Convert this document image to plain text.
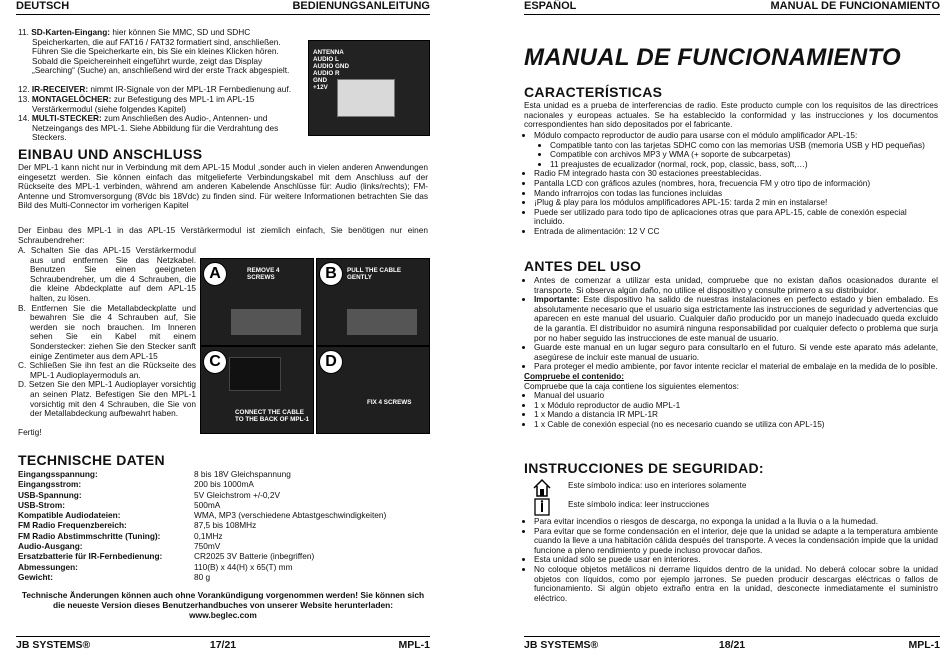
DEUTSCH	BEDIENUNGSANLEITUNG
11. SD-Karten-Eingang: hier können Sie MMC, SD und SDHC Speicherkarten, die auf FAT16 / FAT32 formatiert sind, anschließen. Führen Sie die Speicherkarte ein, bis Sie ein kleines Klicken hören. Sobald die Speichereinheit eingeführt wurde, zeigt das Display „Searching“ (Suche) an, anschließend wird der erste Track abgespielt.
12. IR-RECEIVER: nimmt IR-Signale von der MPL-1R Fernbedienung auf.
13. MONTAGELÖCHER: zur Befestigung des MPL-1 im APL-15 Verstärkermodul (siehe folgendes Kapitel)
14. MULTI-STECKER: zum Anschließen des Audio-, Antennen- und Netzeingangs des MPL-1. Siehe Abbildung für die Verdrahtung des Steckers.
ANTENNA
AUDIO L
AUDIO GND
AUDIO R
GND
+12V
EINBAU UND ANSCHLUSS
Der MPL-1 kann nicht nur in Verbindung mit dem APL-15 Modul ,sonder auch in vielen anderen Anwendungen eingesetzt werden. Sie können einfach das mitgelieferte Verbindungskabel mit dem Anschluss auf der Rückseite des MPL-1 verbinden, während am anderen Kabelende Anschlüsse für: Audio (links/rechts); FM-Antenne und Stromversorgung (8Vdc bis 18Vdc) zu finden sind. Für weitere Informationen betrachten Sie das Bild des Multi-Connector im vorherigen Kapitel
Der Einbau des MPL-1 in das APL-15 Verstärkermodul ist ziemlich einfach, Sie benötigen nur einen Schraubendreher:
A. Schalten Sie das APL-15 Verstärkermodul aus und entfernen Sie das Netzkabel. Benutzen Sie einen geeigneten Schraubendreher, um die 4 Schrauben, die die kleine Abdeckplatte auf dem APL-15 halten, zu lösen.
B. Entfernen Sie die Metallabdeckplatte und bewahren Sie die 4 Schrauben auf, Sie werden sie noch brauchen. Im Inneren sehen Sie ein Kabel mit einem Sonderstecker: ziehen Sie den Stecker sanft einige Zentimeter aus dem APL-15
C. Schließen Sie ihn fest an die Rückseite des MPL-1 Audioplayermoduls an.
D. Setzen Sie den MPL-1 Audioplayer vorsichtig an seinen Platz. Befestigen Sie den MPL-1 vorsichtig mit den 4 Schrauben, die Sie von der Metallabdeckung aufbewahrt haben.
Fertig!
A	REMOVE 4 SCREWS	B	PULL THE CABLE GENTLY
C
CONNECT THE CABLE TO THE BACK OF MPL-1
D
FIX 4 SCREWS
TECHNISCHE DATEN
Eingangsspannung:	8 bis 18V Gleichspannung
Eingangsstrom:	200 bis 1000mA
USB-Spannung:	5V Gleichstrom +/-0,2V
USB-Strom:	500mA
Kompatible Audiodateien:	WMA, MP3 (verschiedene Abtastgeschwindigkeiten)
FM Radio Frequenzbereich:	87,5 bis 108MHz
FM Radio Abstimmschritte (Tuning):	0,1MHz
Audio-Ausgang:	750mV
Ersatzbatterie für IR-Fernbedienung:	CR2025 3V Batterie (inbegriffen)
Abmessungen:	110(B) x 44(H) x 65(T) mm
Gewicht:	80 g
Technische Änderungen können auch ohne Vorankündigung vorgenommen werden! Sie können sich die neueste Version dieses Benutzerhandbuches von unserer Website herunterladen: www.beglec.com
JB SYSTEMS®	17/21	MPL-1
ESPAÑOL	MANUAL DE FUNCIONAMIENTO
MANUAL DE FUNCIONAMIENTO
CARACTERÍSTICAS
Esta unidad es a prueba de interferencias de radio. Este producto cumple con los requisitos de las directrices nacionales y europeas actuales. Se ha establecido la conformidad y las instrucciones y los documentos correspondientes han sido depositados por el fabricante.
• Módulo compacto reproductor de audio para usarse con el módulo amplificador APL-15:
• Compatible tanto con las tarjetas SDHC como con las memorias USB (memoria USB y HD pequeñas)
• Compatible con archivos MP3 y WMA (+ soporte de subcarpetas)
• 11 preajustes de ecualizador (normal, rock, pop, classic, bass, soft,…)
• Radio FM integrado hasta con 30 estaciones preestablecidas.
• Pantalla LCD con gráficos azules (nombres, hora, frecuencia FM y otro tipo de información)
• Mando infrarrojos con todas las funciones incluidas
• ¡Plug & play para los módulos amplificadores APL-15: tarda 2 min en instalarse!
• Puede ser utilizado para todo tipo de aplicaciones otras que para APL-15, cable de conexión especial incluido.
• Entrada de alimentación: 12 V CC
ANTES DEL USO
• Antes de comenzar a utilizar esta unidad, compruebe que no existan daños ocasionados durante el transporte. Si observa algún daño, no utilice el dispositivo y consulte primero a su distribuidor.
• Importante: Este dispositivo ha salido de nuestras instalaciones en perfecto estado y bien embalado. Es absolutamente necesario que el usuario siga estrictamente las instrucciones de seguridad y advertencias que aparecen en este manual del usuario. Cualquier daño producido por un manejo inadecuado queda excluido de la garantía. El distribuidor no asumirá ninguna responsabilidad por cualquier defecto o problema que surja por no haber seguido las instrucciones de este manual de usuario.
• Guarde este manual en un lugar seguro para consultarlo en el futuro. Si vende este aparato más adelante, asegúrese de incluir este manual de usuario.
• Para proteger el medio ambiente, por favor intente reciclar el material de embalaje en la medida de lo posible.
Compruebe el contenido:
Compruebe que la caja contiene los siguientes elementos:
• Manual del usuario
• 1 x Módulo reproductor de audio MPL-1
• 1 x Mando a distancia IR MPL-1R
• 1 x Cable de conexión especial (no es necesario cuando se utiliza con APL-15)
INSTRUCCIONES DE SEGURIDAD:
Este símbolo indica: uso en interiores solamente
Este símbolo indica: leer instrucciones
• Para evitar incendios o riesgos de descarga, no exponga la unidad a la lluvia o a la humedad.
• Para evitar que se forme condensación en el interior, deje que la unidad se adapte a la temperatura ambiente cuando la lleve a una habitación cálida después del transporte. A veces la condensación impide que la unidad funcione a pleno rendimiento y puede incluso provocar daños.
• Esta unidad sólo se puede usar en interiores.
• No coloque objetos metálicos ni derrame líquidos dentro de la unidad. No deberá colocar sobre la unidad objetos con líquidos, como por ejemplo jarrones. Se pueden producir descargas eléctricas o fallos de funcionamiento. Si algún objeto extraño entra en la unidad, desconecte inmediatamente el suministro eléctrico.
JB SYSTEMS®	18/21	MPL-1
